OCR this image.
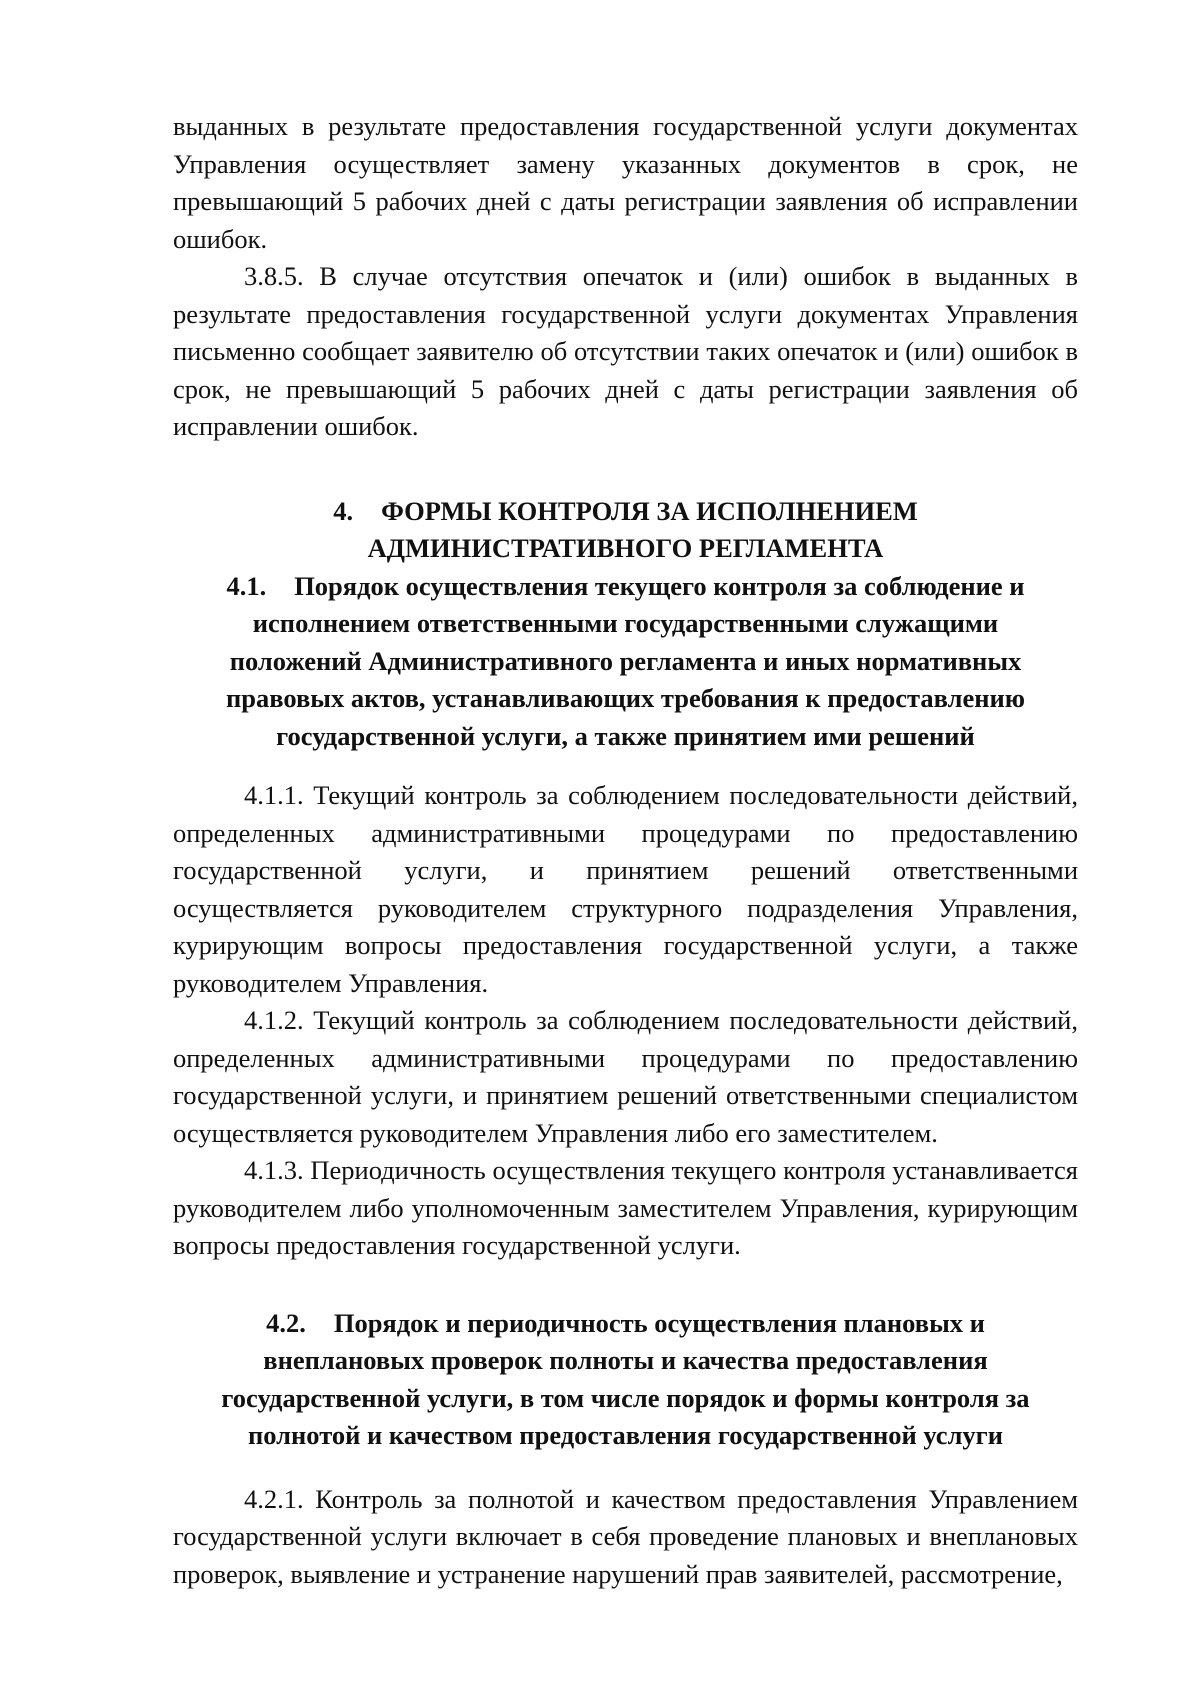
выданных в результате предоставления государственной услуги документах Управления осуществляет замену указанных документов в срок, не превышающий 5 рабочих дней с даты регистрации заявления об исправлении ошибок.

3.8.5. В случае отсутствия опечаток и (или) ошибок в выданных в результате предоставления государственной услуги документах Управления письменно сообщает заявителю об отсутствии таких опечаток и (или) ошибок в срок, не превышающий 5 рабочих дней с даты регистрации заявления об исправлении ошибок.

4. ФОРМЫ КОНТРОЛЯ ЗА ИСПОЛНЕНИЕМ
АДМИНИСТРАТИВНОГО РЕГЛАМЕНТА
4.1. Порядок осуществления текущего контроля за соблюдение и
исполнением ответственными государственными служащими
положений Административного регламента и иных нормативных
правовых актов, устанавливающих требования к предоставлению
государственной услуги, а также принятием ими решений

4.1.1. Текущий контроль за соблюдением последовательности действий, определенных административными процедурами по предоставлению государственной услуги, и принятием решений ответственными осуществляется руководителем структурного подразделения Управления, курирующим вопросы предоставления государственной услуги, а также руководителем Управления.

4.1.2. Текущий контроль за соблюдением последовательности действий, определенных административными процедурами по предоставлению государственной услуги, и принятием решений ответственными специалистом осуществляется руководителем Управления либо его заместителем.

4.1.3. Периодичность осуществления текущего контроля устанавливается руководителем либо уполномоченным заместителем Управления, курирующим вопросы предоставления государственной услуги.

4.2. Порядок и периодичность осуществления плановых и
внеплановых проверок полноты и качества предоставления
государственной услуги, в том числе порядок и формы контроля за
полнотой и качеством предоставления государственной услуги

4.2.1. Контроль за полнотой и качеством предоставления Управлением государственной услуги включает в себя проведение плановых и внеплановых проверок, выявление и устранение нарушений прав заявителей, рассмотрение,
